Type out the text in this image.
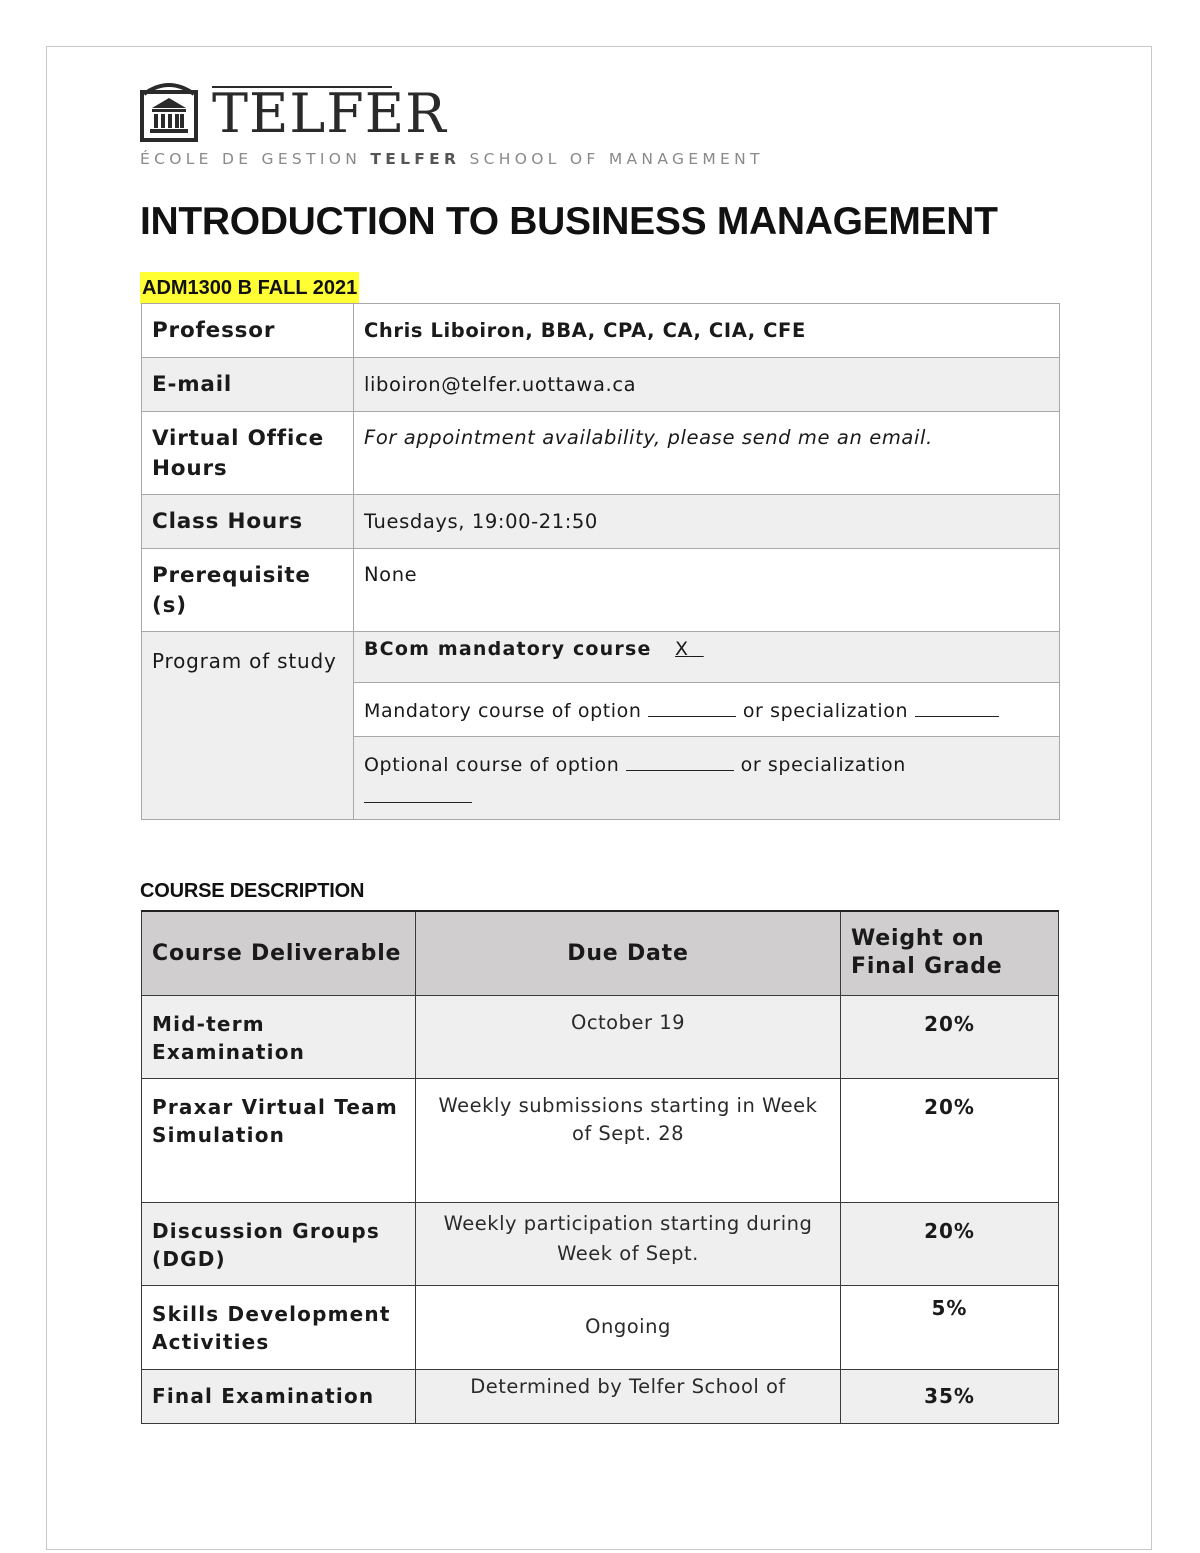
TELFER
ÉCOLE DE GESTION TELFER SCHOOL OF MANAGEMENT
INTRODUCTION TO BUSINESS MANAGEMENT
ADM1300 B FALL 2021
Professor	Chris Liboiron, BBA, CPA, CA, CIA, CFE
E-mail	liboiron@telfer.uottawa.ca
Virtual Office Hours	For appointment availability, please send me an email.
Class Hours	Tuesdays, 19:00-21:50
Prerequisite(s)	None
Program of study	BCom mandatory course X
	Mandatory course of option or specialization
	Optional course of option or specialization

COURSE DESCRIPTION
Course Deliverable	Due Date	Weight on Final Grade
Mid-term Examination	October 19	20%
Praxar Virtual Team Simulation	Weekly submissions starting in Week of Sept. 28	20%
Discussion Groups (DGD)	Weekly participation starting during Week of Sept.	20%
Skills Development Activities	Ongoing	5%
Final Examination	Determined by Telfer School of	35%
